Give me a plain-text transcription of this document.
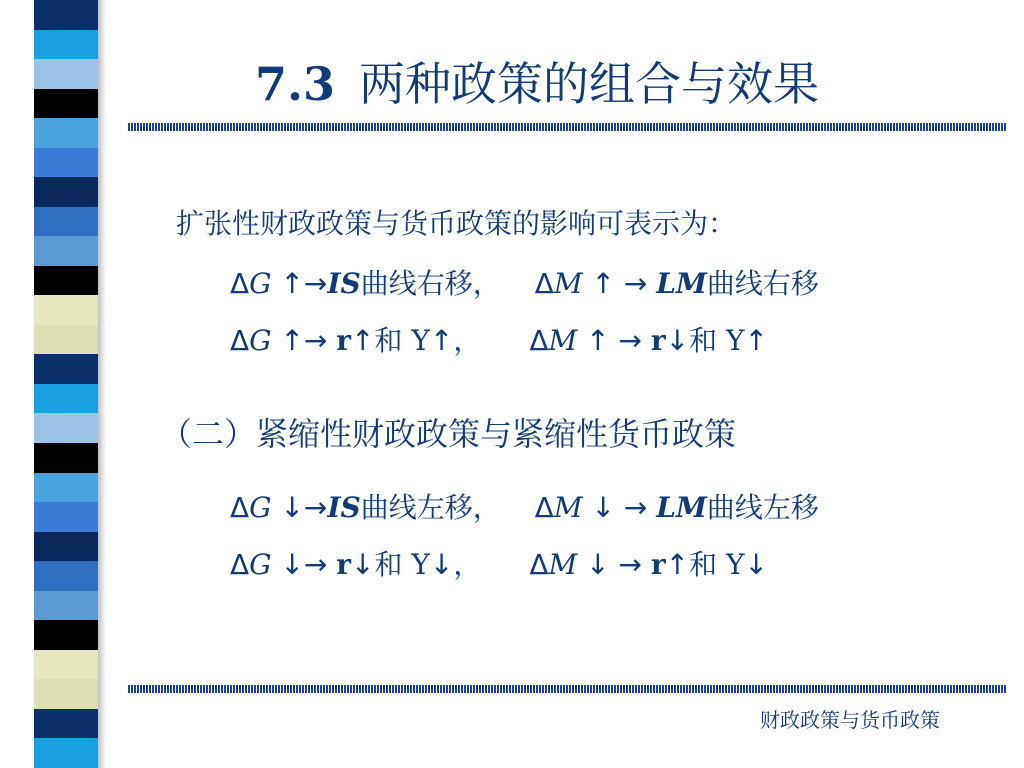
7.3 两种政策的组合与效果
扩张性财政政策与货币政策的影响可表示为：
ΔG ↑→IS曲线右移， ΔM ↑ → LM曲线右移
ΔG ↑→ r↑和 Y↑， ΔM ↑ → r↓和 Y↑
（二）紧缩性财政政策与紧缩性货币政策
ΔG ↓→IS曲线左移， ΔM ↓ → LM曲线左移
ΔG ↓→ r↓和 Y↓， ΔM ↓ → r↑和 Y↓
财政政策与货币政策
